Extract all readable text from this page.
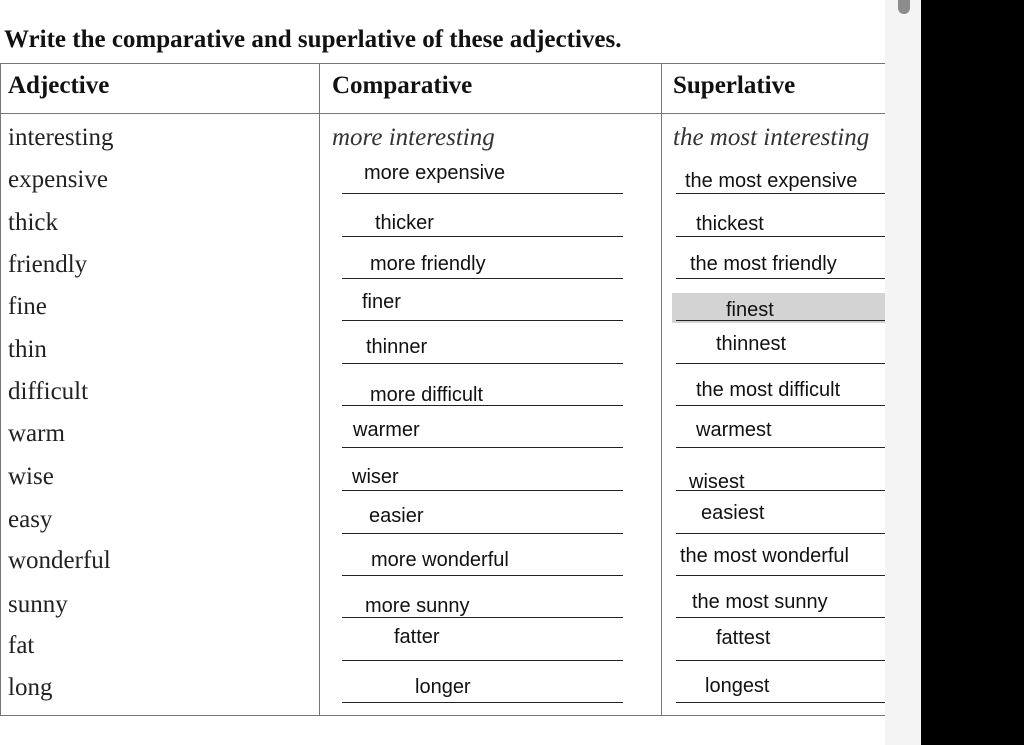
Write the comparative and superlative of these adjectives.
Adjective	Comparative	Superlative
interesting	more interesting	the most interesting
expensive	more expensive	the most expensive
thick	thicker	thickest
friendly	more friendly	the most friendly
fine	finer	finest
thin	thinner	thinnest
difficult	more difficult	the most difficult
warm	warmer	warmest
wise	wiser	wisest
easy	easier	easiest
wonderful	more wonderful	the most wonderful
sunny	more sunny	the most sunny
fat	fatter	fattest
long	longer	longest
